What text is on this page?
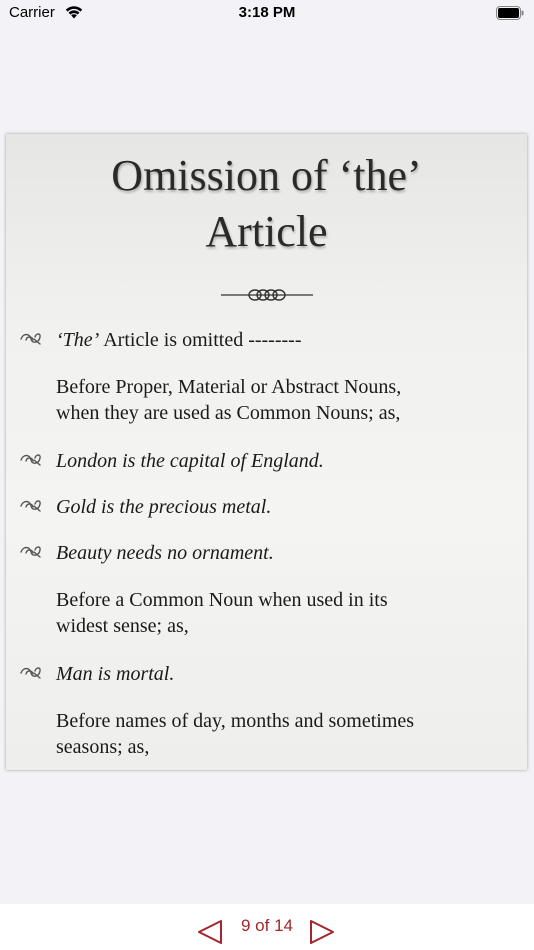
Carrier	3:18 PM
Omission of ‘the’
Article
‘The’ Article is omitted --------
Before Proper, Material or Abstract Nouns,
when they are used as Common Nouns; as,
London is the capital of England.
Gold is the precious metal.
Beauty needs no ornament.
Before a Common Noun when used in its
widest sense; as,
Man is mortal.
Before names of day, months and sometimes
seasons; as,
9 of 14
